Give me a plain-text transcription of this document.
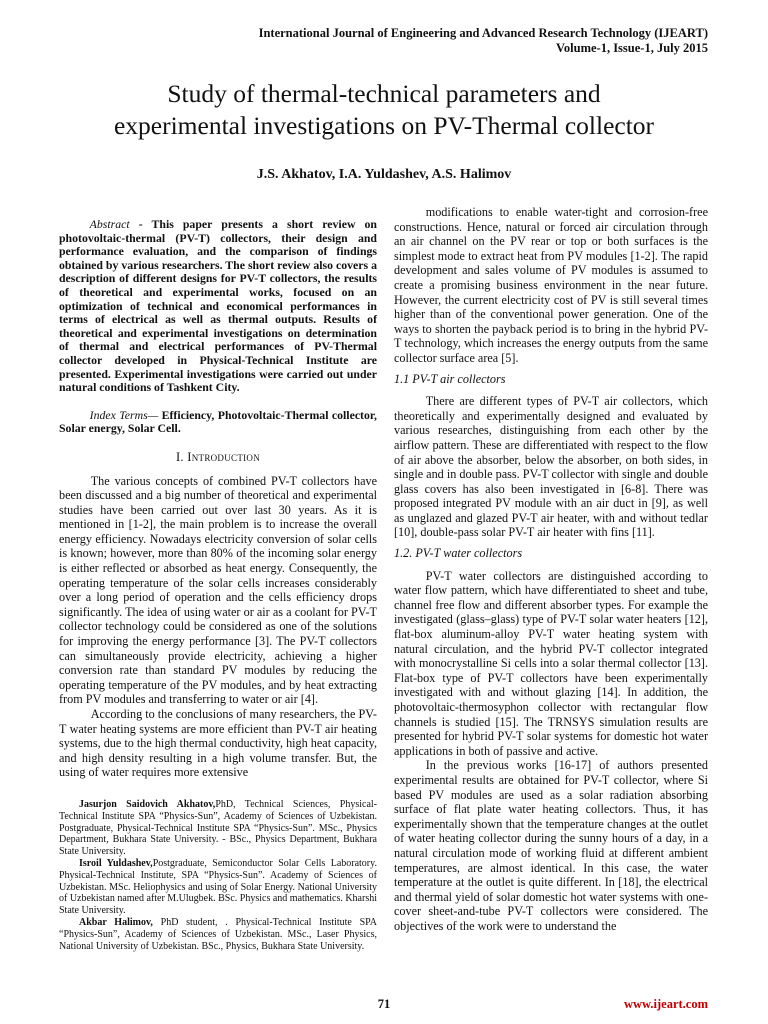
International Journal of Engineering and Advanced Research Technology (IJEART)
Volume-1, Issue-1, July 2015
Study of thermal-technical parameters and
experimental investigations on PV-Thermal collector
J.S. Akhatov, I.A. Yuldashev, A.S. Halimov

Abstract - This paper presents a short review on photovoltaic-thermal (PV-T) collectors, their design and performance evaluation, and the comparison of findings obtained by various researchers. The short review also covers a description of different designs for PV-T collectors, the results of theoretical and experimental works, focused on an optimization of technical and economical performances in terms of electrical as well as thermal outputs. Results of theoretical and experimental investigations on determination of thermal and electrical performances of PV-Thermal collector developed in Physical-Technical Institute are presented. Experimental investigations were carried out under natural conditions of Tashkent City.

Index Terms— Efficiency, Photovoltaic-Thermal collector, Solar energy, Solar Cell.

I. Introduction

The various concepts of combined PV-T collectors have been discussed and a big number of theoretical and experimental studies have been carried out over last 30 years. As it is mentioned in [1-2], the main problem is to increase the overall energy efficiency. Nowadays electricity conversion of solar cells is known; however, more than 80% of the incoming solar energy is either reflected or absorbed as heat energy. Consequently, the operating temperature of the solar cells increases considerably over a long period of operation and the cells efficiency drops significantly. The idea of using water or air as a coolant for PV-T collector technology could be considered as one of the solutions for improving the energy performance [3]. The PV-T collectors can simultaneously provide electricity, achieving a higher conversion rate than standard PV modules by reducing the operating temperature of the PV modules, and by heat extracting from PV modules and transferring to water or air [4].

According to the conclusions of many researchers, the PV-T water heating systems are more efficient than PV-T air heating systems, due to the high thermal conductivity, high heat capacity, and high density resulting in a high volume transfer. But, the using of water requires more extensive

Jasurjon Saidovich Akhatov,PhD, Technical Sciences, Physical-Technical Institute SPA “Physics-Sun”, Academy of Sciences of Uzbekistan. Postgraduate, Physical-Technical Institute SPA “Physics-Sun”. MSc., Physics Department, Bukhara State University. - BSc., Physics Department, Bukhara State University.

Isroil Yuldashev,Postgraduate, Semiconductor Solar Cells Laboratory. Physical-Technical Institute, SPA “Physics-Sun”. Academy of Sciences of Uzbekistan. MSc. Heliophysics and using of Solar Energy. National University of Uzbekistan named after M.Ulugbek. BSc. Physics and mathematics. Kharshi State University.

Akbar Halimov, PhD student, . Physical-Technical Institute SPA “Physics-Sun”, Academy of Sciences of Uzbekistan. MSc., Laser Physics, National University of Uzbekistan. BSc., Physics, Bukhara State University.

modifications to enable water-tight and corrosion-free constructions. Hence, natural or forced air circulation through an air channel on the PV rear or top or both surfaces is the simplest mode to extract heat from PV modules [1-2]. The rapid development and sales volume of PV modules is assumed to create a promising business environment in the near future. However, the current electricity cost of PV is still several times higher than of the conventional power generation. One of the ways to shorten the payback period is to bring in the hybrid PV-T technology, which increases the energy outputs from the same collector surface area [5].

1.1 PV-T air collectors

There are different types of PV-T air collectors, which theoretically and experimentally designed and evaluated by various researches, distinguishing from each other by the airflow pattern. These are differentiated with respect to the flow of air above the absorber, below the absorber, on both sides, in single and in double pass. PV-T collector with single and double glass covers has also been investigated in [6-8]. There was proposed integrated PV module with an air duct in [9], as well as unglazed and glazed PV-T air heater, with and without tedlar [10], double-pass solar PV-T air heater with fins [11].

1.2. PV-T water collectors

PV-T water collectors are distinguished according to water flow pattern, which have differentiated to sheet and tube, channel free flow and different absorber types. For example the investigated (glass–glass) type of PV-T solar water heaters [12], flat-box aluminum-alloy PV-T water heating system with natural circulation, and the hybrid PV-T collector integrated with monocrystalline Si cells into a solar thermal collector [13]. Flat-box type of PV-T collectors have been experimentally investigated with and without glazing [14]. In addition, the photovoltaic-thermosyphon collector with rectangular flow channels is studied [15]. The TRNSYS simulation results are presented for hybrid PV-T solar systems for domestic hot water applications in both of passive and active.

In the previous works [16-17] of authors presented experimental results are obtained for PV-T collector, where Si based PV modules are used as a solar radiation absorbing surface of flat plate water heating collectors. Thus, it has experimentally shown that the temperature changes at the outlet of water heating collector during the sunny hours of a day, in a natural circulation mode of working fluid at different ambient temperatures, are almost identical. In this case, the water temperature at the outlet is quite different. In [18], the electrical and thermal yield of solar domestic hot water systems with one-cover sheet-and-tube PV-T collectors were considered. The objectives of the work were to understand the

71	www.ijeart.com
